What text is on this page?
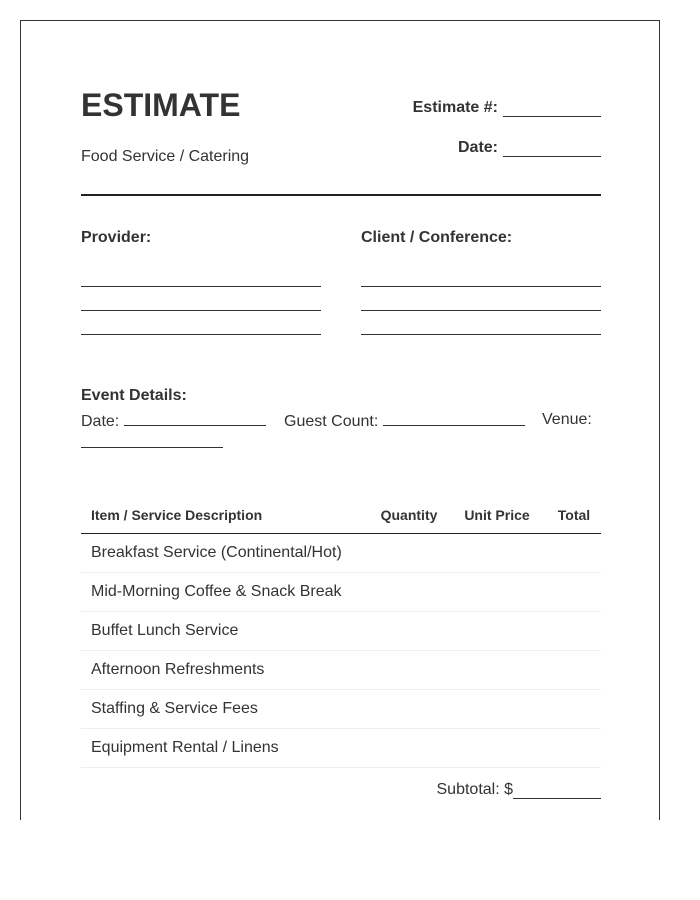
ESTIMATE
Food Service / Catering
Estimate #:
Date:
Provider:	Client / Conference:
Event Details:
Date:	Guest Count:	Venue:
Item / Service Description	Quantity	Unit Price	Total
Breakfast Service (Continental/Hot)			
Mid-Morning Coffee & Snack Break			
Buffet Lunch Service			
Afternoon Refreshments			
Staffing & Service Fees			
Equipment Rental / Linens			
Subtotal: $
